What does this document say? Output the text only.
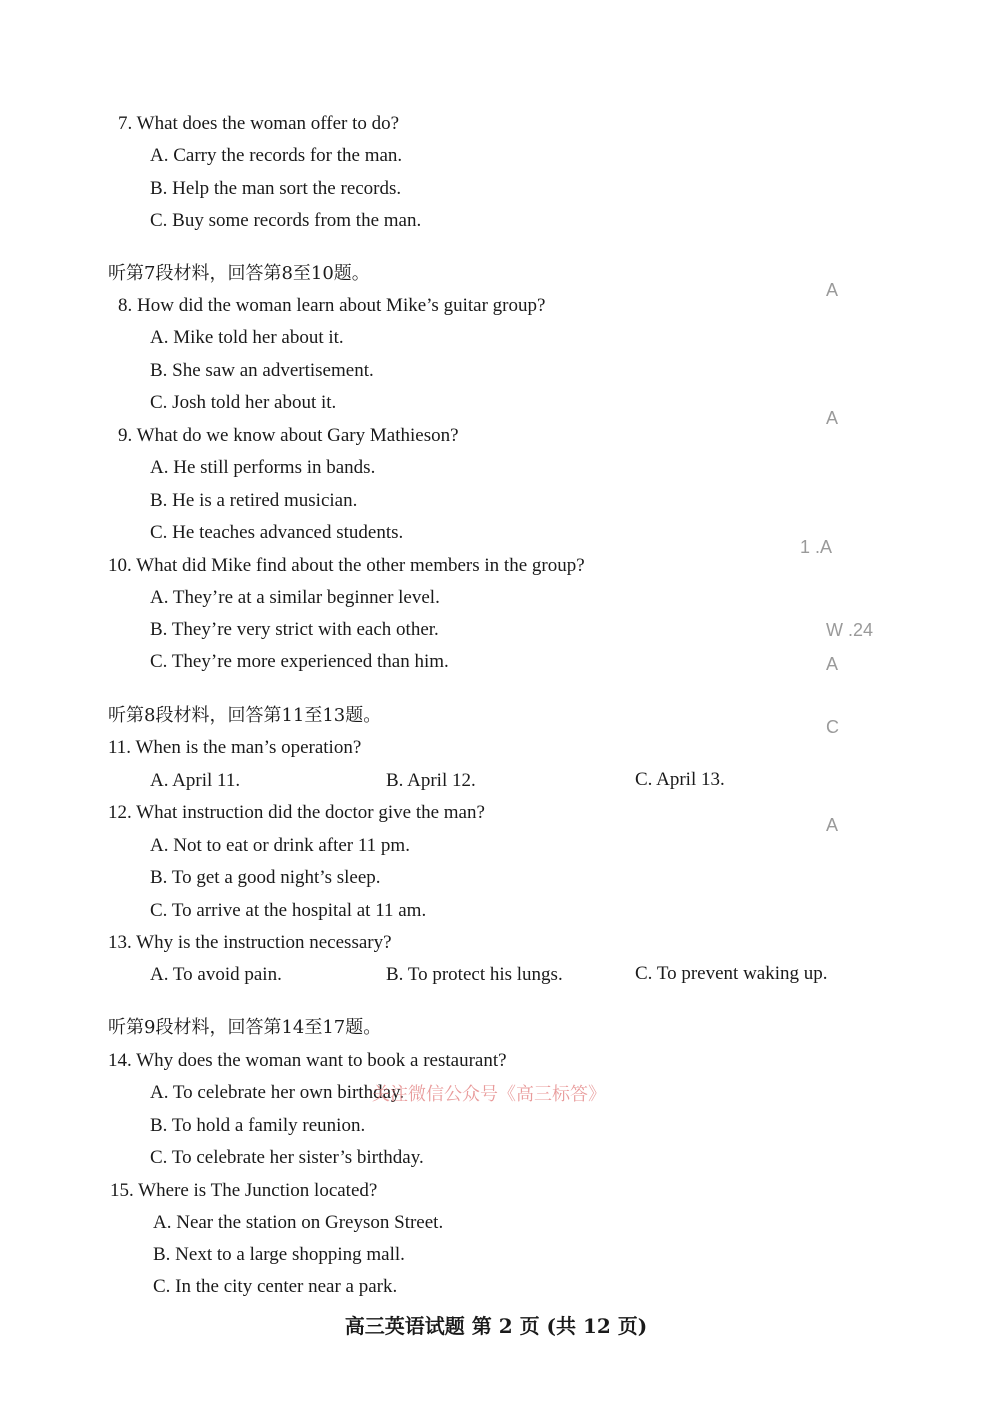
7. What does the woman offer to do?
A. Carry the records for the man.
B. Help the man sort the records.
C. Buy some records from the man.
听第7段材料，回答第8至10题。
8. How did the woman learn about Mike’s guitar group?
A. Mike told her about it.
B. She saw an advertisement.
C. Josh told her about it.
9. What do we know about Gary Mathieson?
A. He still performs in bands.
B. He is a retired musician.
C. He teaches advanced students.
10. What did Mike find about the other members in the group?
A. They’re at a similar beginner level.
B. They’re very strict with each other.
C. They’re more experienced than him.
听第8段材料，回答第11至13题。
11. When is the man’s operation?
A. April 11.	B. April 12.	C. April 13.
12. What instruction did the doctor give the man?
A. Not to eat or drink after 11 pm.
B. To get a good night’s sleep.
C. To arrive at the hospital at 11 am.
13. Why is the instruction necessary?
A. To avoid pain.	B. To protect his lungs.	C. To prevent waking up.
听第9段材料，回答第14至17题。
14. Why does the woman want to book a restaurant?
A. To celebrate her own birthday.
B. To hold a family reunion.
C. To celebrate her sister’s birthday.
15. Where is The Junction located?
A. Near the station on Greyson Street.
B. Next to a large shopping mall.
C. In the city center near a park.
关注微信公众号《高三标答》
A
A
1 .A
W .24
A
C
A
高三英语试题 第 2 页 (共 12 页)
